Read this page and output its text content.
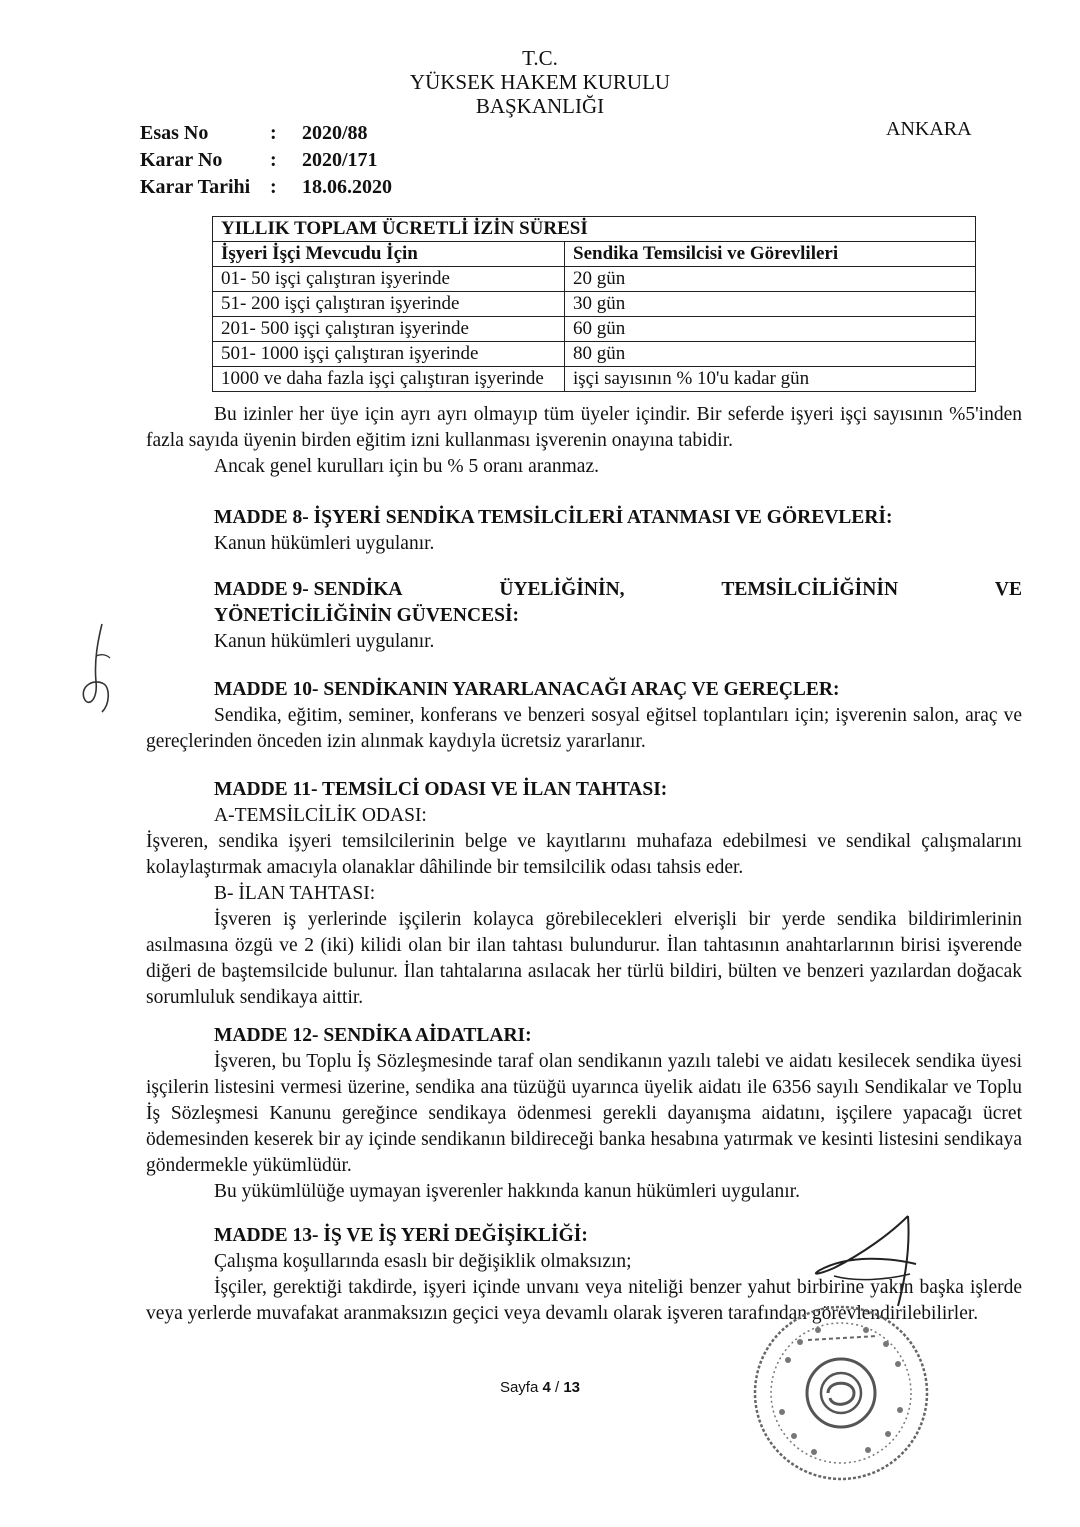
T.C.
YÜKSEK HAKEM KURULU
BAŞKANLIĞI
Esas No	:	2020/88
Karar No	:	2020/171
Karar Tarihi :	18.06.2020
ANKARA
YILLIK TOPLAM ÜCRETLİ İZİN SÜRESİ	
İşyeri İşçi Mevcudu İçin	Sendika Temsilcisi ve Görevlileri
01- 50 işçi çalıştıran işyerinde	20 gün
51- 200 işçi çalıştıran işyerinde	30 gün
201- 500 işçi çalıştıran işyerinde	60 gün
501- 1000 işçi çalıştıran işyerinde	80 gün
1000 ve daha fazla işçi çalıştıran işyerinde	işçi sayısının % 10'u kadar gün

Bu izinler her üye için ayrı ayrı olmayıp tüm üyeler içindir. Bir seferde işyeri işçi sayısının %5'inden fazla sayıda üyenin birden eğitim izni kullanması işverenin onayına tabidir.

Ancak genel kurulları için bu % 5 oranı aranmaz.

MADDE 8- İŞYERİ SENDİKA TEMSİLCİLERİ ATANMASI VE GÖREVLERİ:

Kanun hükümleri uygulanır.

MADDE 9- SENDİKA	ÜYELİĞİNİN,	TEMSİLCİLİĞİNİN	VE

YÖNETİCİLİĞİNİN GÜVENCESİ:

Kanun hükümleri uygulanır.

MADDE 10- SENDİKANIN YARARLANACAĞI ARAÇ VE GEREÇLER:

Sendika, eğitim, seminer, konferans ve benzeri sosyal eğitsel toplantıları için; işverenin salon, araç ve gereçlerinden önceden izin alınmak kaydıyla ücretsiz yararlanır.

MADDE 11- TEMSİLCİ ODASI VE İLAN TAHTASI:

A-TEMSİLCİLİK ODASI:

İşveren, sendika işyeri temsilcilerinin belge ve kayıtlarını muhafaza edebilmesi ve sendikal çalışmalarını kolaylaştırmak amacıyla olanaklar dâhilinde bir temsilcilik odası tahsis eder.

B- İLAN TAHTASI:

İşveren iş yerlerinde işçilerin kolayca görebilecekleri elverişli bir yerde sendika bildirimlerinin asılmasına özgü ve 2 (iki) kilidi olan bir ilan tahtası bulundurur. İlan tahtasının anahtarlarının birisi işverende diğeri de baştemsilcide bulunur. İlan tahtalarına asılacak her türlü bildiri, bülten ve benzeri yazılardan doğacak sorumluluk sendikaya aittir.

MADDE 12- SENDİKA AİDATLARI:

İşveren, bu Toplu İş Sözleşmesinde taraf olan sendikanın yazılı talebi ve aidatı kesilecek sendika üyesi işçilerin listesini vermesi üzerine, sendika ana tüzüğü uyarınca üyelik aidatı ile 6356 sayılı Sendikalar ve Toplu İş Sözleşmesi Kanunu gereğince sendikaya ödenmesi gerekli dayanışma aidatını, işçilere yapacağı ücret ödemesinden keserek bir ay içinde sendikanın bildireceği banka hesabına yatırmak ve kesinti listesini sendikaya göndermekle yükümlüdür.

Bu yükümlülüğe uymayan işverenler hakkında kanun hükümleri uygulanır.

MADDE 13- İŞ VE İŞ YERİ DEĞİŞİKLİĞİ:

Çalışma koşullarında esaslı bir değişiklik olmaksızın;

İşçiler, gerektiği takdirde, işyeri içinde unvanı veya niteliği benzer yahut birbirine yakın başka işlerde veya yerlerde muvafakat aranmaksızın geçici veya devamlı olarak işveren tarafından görevlendirilebilirler.

Sayfa 4 / 13
